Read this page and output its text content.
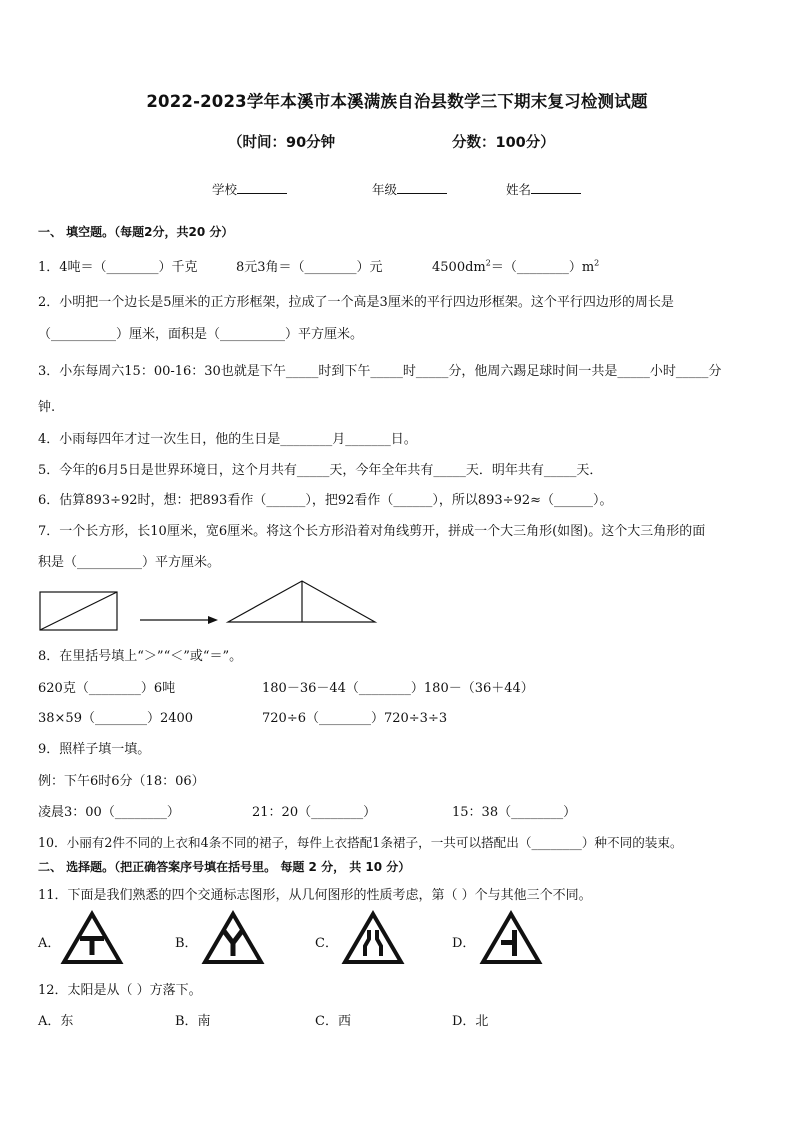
2022-2023学年本溪市本溪满族自治县数学三下期末复习检测试题
（时间：90分钟	分数：100分）
学校	年级	姓名
一、 填空题。（每题2分，共20 分）
1．4吨＝（________）千克	8元3角＝（________）元	$4500dm^2=(\_\_\_\_\_\_\_\_)m^2$
2．小明把一个边长是5厘米的正方形框架，拉成了一个高是3厘米的平行四边形框架。这个平行四边形的周长是
（__________）厘米，面积是（__________）平方厘米。
3．小东每周六15：00-16：30也就是下午_____时到下午_____时_____分，他周六踢足球时间一共是_____小时_____分
钟.
4．小雨每四年才过一次生日，他的生日是________月_______日。
5．今年的6月5日是世界环境日，这个月共有_____天，今年全年共有_____天．明年共有_____天．
6．估算893÷92时，想：把893看作（______），把92看作（______），所以893÷92≈（______）。
7．一个长方形，长10厘米，宽6厘米。将这个长方形沿着对角线剪开，拼成一个大三角形(如图)。这个大三角形的面
积是（__________）平方厘米。
8．在里括号填上“＞”“＜”或“＝”。
620克（________）6吨	180－36－44（________）180－（36＋44）
38×59（________）2400	720÷6（________）720÷3÷3
9．照样子填一填。
例：下午6时6分（18：06）
凌晨3：00（________）	21：20（________）	15：38（________）
10．小丽有2件不同的上衣和4条不同的裙子，每件上衣搭配1条裙子，一共可以搭配出（________）种不同的装束。
二、 选择题。（把正确答案序号填在括号里。 每题 2 分， 共 10 分）
11．下面是我们熟悉的四个交通标志图形，从几何图形的性质考虑，第（ ）个与其他三个不同。
A．	B．	C．	D．
12．太阳是从（ ）方落下。
A．东	B．南	C．西	D．北
